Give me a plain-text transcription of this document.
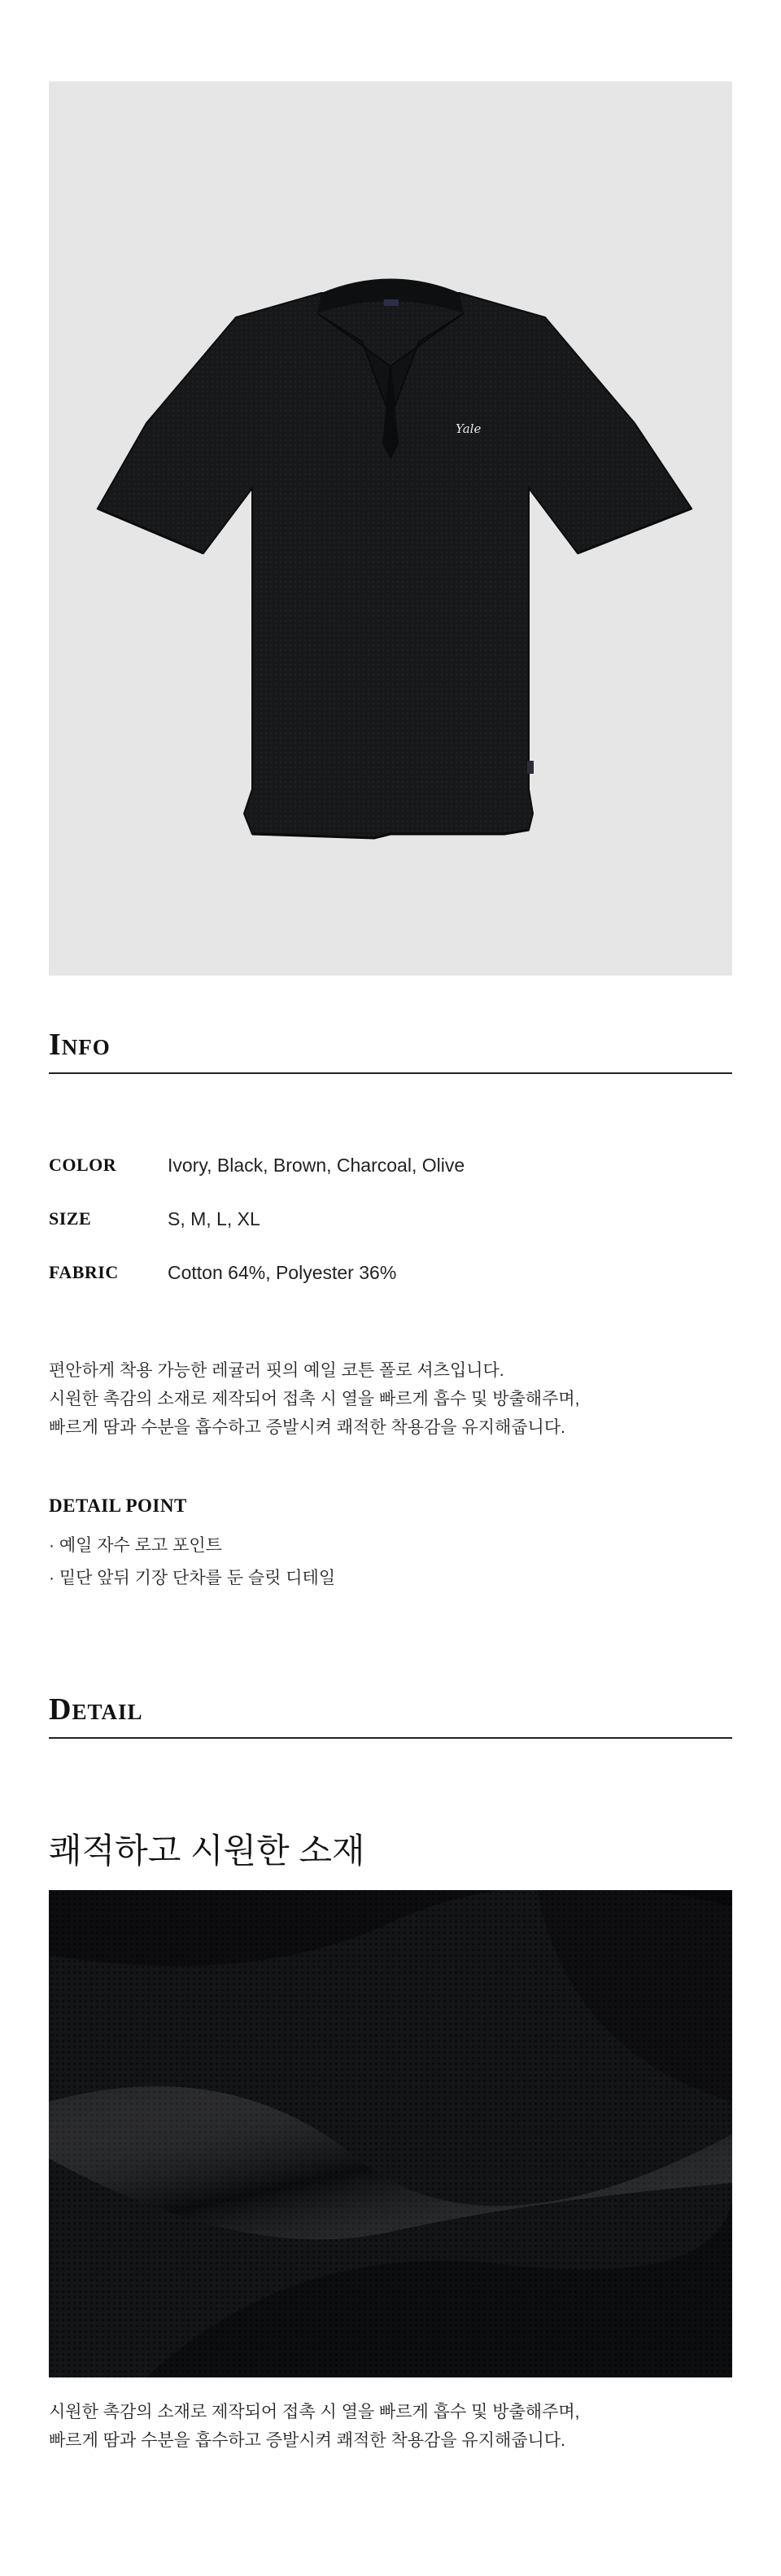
Yale
Info
COLOR	Ivory, Black, Brown, Charcoal, Olive
SIZE	S, M, L, XL
FABRIC	Cotton 64%, Polyester 36%
편안하게 착용 가능한 레귤러 핏의 예일 코튼 폴로 셔츠입니다.
시원한 촉감의 소재로 제작되어 접촉 시 열을 빠르게 흡수 및 방출해주며,
빠르게 땀과 수분을 흡수하고 증발시켜 쾌적한 착용감을 유지해줍니다.
DETAIL POINT
· 예일 자수 로고 포인트
· 밑단 앞뒤 기장 단차를 둔 슬릿 디테일
Detail
쾌적하고 시원한 소재
시원한 촉감의 소재로 제작되어 접촉 시 열을 빠르게 흡수 및 방출해주며,
빠르게 땀과 수분을 흡수하고 증발시켜 쾌적한 착용감을 유지해줍니다.
